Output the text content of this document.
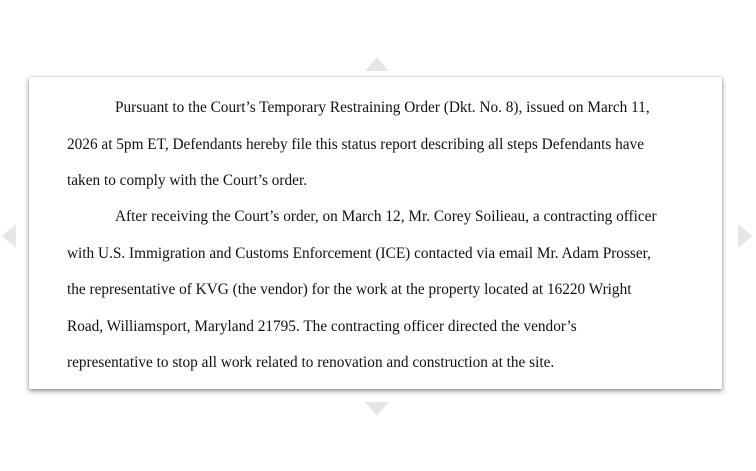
Pursuant to the Court’s Temporary Restraining Order (Dkt. No. 8), issued on March 11,
2026 at 5pm ET, Defendants hereby file this status report describing all steps Defendants have
taken to comply with the Court’s order.
After receiving the Court’s order, on March 12, Mr. Corey Soilieau, a contracting officer
with U.S. Immigration and Customs Enforcement (ICE) contacted via email Mr. Adam Prosser,
the representative of KVG (the vendor) for the work at the property located at 16220 Wright
Road, Williamsport, Maryland 21795. The contracting officer directed the vendor’s
representative to stop all work related to renovation and construction at the site.
